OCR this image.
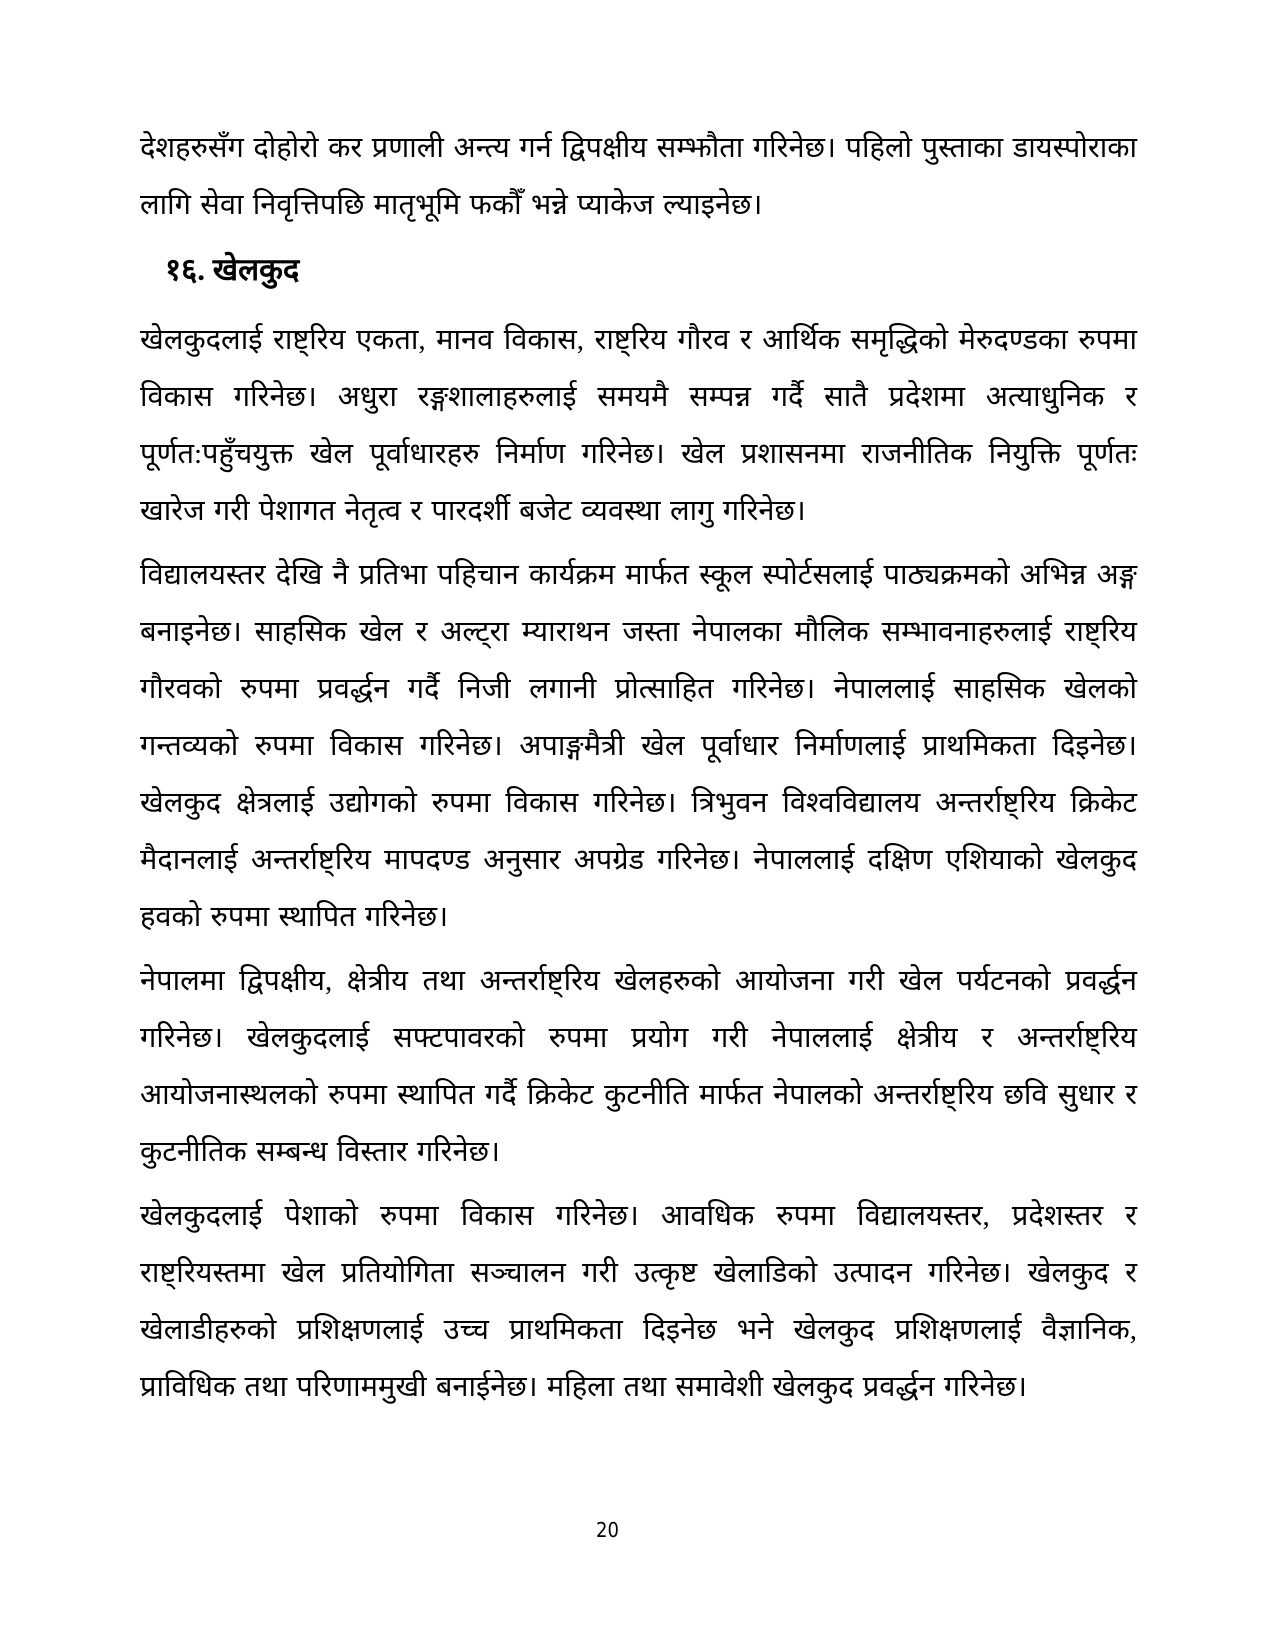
देशहरुसँग दोहोरो कर प्रणाली अन्त्य गर्न द्विपक्षीय सम्झौता गरिनेछ। पहिलो पुस्ताका डायस्पोराका लागि सेवा निवृत्तिपछि मातृभूमि फकौँ भन्ने प्याकेज ल्याइनेछ।

१६. खेलकुद

खेलकुदलाई राष्ट्रिय एकता, मानव विकास, राष्ट्रिय गौरव र आर्थिक समृद्धिको मेरुदण्डका रुपमा विकास गरिनेछ। अधुरा रङ्गशालाहरुलाई समयमै सम्पन्न गर्दै सातै प्रदेशमा अत्याधुनिक र पूर्णत:पहुँचयुक्त खेल पूर्वाधारहरु निर्माण गरिनेछ। खेल प्रशासनमा राजनीतिक नियुक्ति पूर्णतः खारेज गरी पेशागत नेतृत्व र पारदर्शी बजेट व्यवस्था लागु गरिनेछ।

विद्यालयस्तर देखि नै प्रतिभा पहिचान कार्यक्रम मार्फत स्कूल स्पोर्टसलाई पाठ्यक्रमको अभिन्न अङ्ग बनाइनेछ। साहसिक खेल र अल्ट्रा म्याराथन जस्ता नेपालका मौलिक सम्भावनाहरुलाई राष्ट्रिय गौरवको रुपमा प्रवर्द्धन गर्दै निजी लगानी प्रोत्साहित गरिनेछ। नेपाललाई साहसिक खेलको गन्तव्यको रुपमा विकास गरिनेछ। अपाङ्गमैत्री खेल पूर्वाधार निर्माणलाई प्राथमिकता दिइनेछ। खेलकुद क्षेत्रलाई उद्योगको रुपमा विकास गरिनेछ। त्रिभुवन विश्वविद्यालय अन्तर्राष्ट्रिय क्रिकेट मैदानलाई अन्तर्राष्ट्रिय मापदण्ड अनुसार अपग्रेड गरिनेछ। नेपाललाई दक्षिण एशियाको खेलकुद हवको रुपमा स्थापित गरिनेछ।

नेपालमा द्विपक्षीय, क्षेत्रीय तथा अन्तर्राष्ट्रिय खेलहरुको आयोजना गरी खेल पर्यटनको प्रवर्द्धन गरिनेछ। खेलकुदलाई सफ्टपावरको रुपमा प्रयोग गरी नेपाललाई क्षेत्रीय र अन्तर्राष्ट्रिय आयोजनास्थलको रुपमा स्थापित गर्दै क्रिकेट कुटनीति मार्फत नेपालको अन्तर्राष्ट्रिय छवि सुधार र कुटनीतिक सम्बन्ध विस्तार गरिनेछ।

खेलकुदलाई पेशाको रुपमा विकास गरिनेछ। आवधिक रुपमा विद्यालयस्तर, प्रदेशस्तर र राष्ट्रियस्तमा खेल प्रतियोगिता सञ्चालन गरी उत्कृष्ट खेलाडिको उत्पादन गरिनेछ। खेलकुद र खेलाडीहरुको प्रशिक्षणलाई उच्च प्राथमिकता दिइनेछ भने खेलकुद प्रशिक्षणलाई वैज्ञानिक, प्राविधिक तथा परिणाममुखी बनाईनेछ। महिला तथा समावेशी खेलकुद प्रवर्द्धन गरिनेछ।

20
